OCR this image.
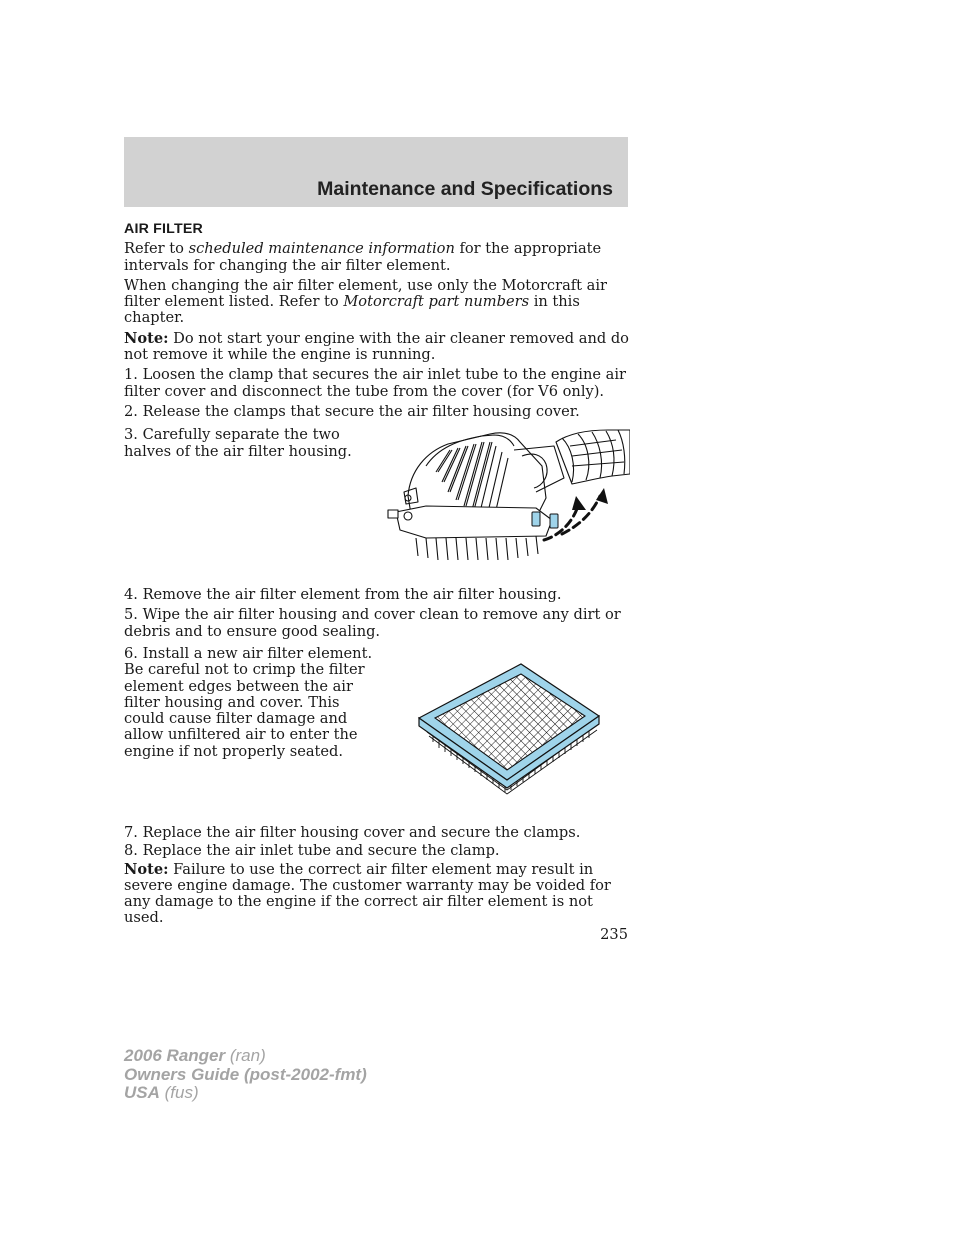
Maintenance and Specifications
AIR FILTER

Refer to scheduled maintenance information for the appropriate intervals for changing the air filter element.

When changing the air filter element, use only the Motorcraft air filter element listed. Refer to Motorcraft part numbers in this chapter.

Note: Do not start your engine with the air cleaner removed and do not remove it while the engine is running.

1. Loosen the clamp that secures the air inlet tube to the engine air filter cover and disconnect the tube from the cover (for V6 only).

2. Release the clamps that secure the air filter housing cover.

3. Carefully separate the two halves of the air filter housing.

4. Remove the air filter element from the air filter housing.

5. Wipe the air filter housing and cover clean to remove any dirt or debris and to ensure good sealing.

6. Install a new air filter element. Be careful not to crimp the filter element edges between the air filter housing and cover. This could cause filter damage and allow unfiltered air to enter the engine if not properly seated.

7. Replace the air filter housing cover and secure the clamps.

8. Replace the air inlet tube and secure the clamp.

Note: Failure to use the correct air filter element may result in severe engine damage. The customer warranty may be voided for any damage to the engine if the correct air filter element is not used.

235
2006 Ranger (ran)
Owners Guide (post-2002-fmt)
USA (fus)
